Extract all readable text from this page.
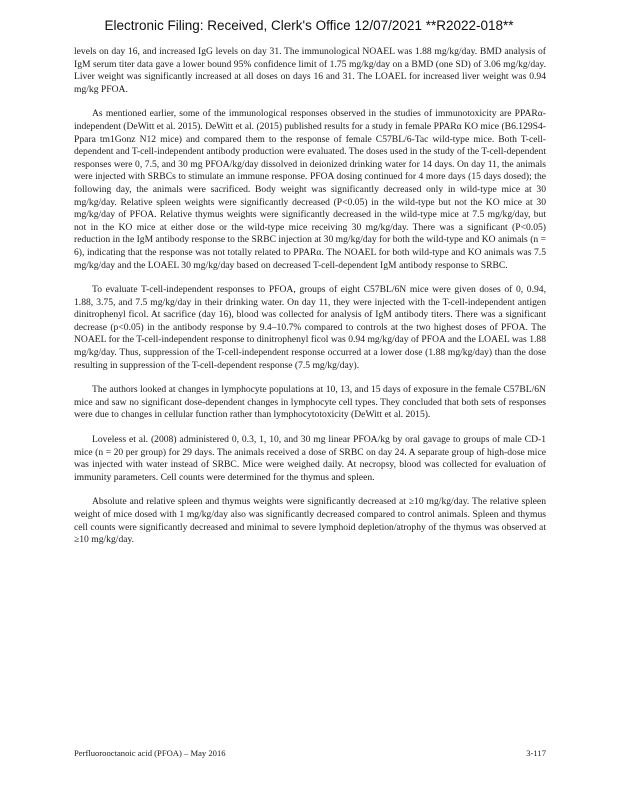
Electronic Filing: Received, Clerk's Office 12/07/2021 **R2022-018**

levels on day 16, and increased IgG levels on day 31. The immunological NOAEL was 1.88 mg/kg/day. BMD analysis of IgM serum titer data gave a lower bound 95% confidence limit of 1.75 mg/kg/day on a BMD (one SD) of 3.06 mg/kg/day. Liver weight was significantly increased at all doses on days 16 and 31. The LOAEL for increased liver weight was 0.94 mg/kg PFOA.

As mentioned earlier, some of the immunological responses observed in the studies of immunotoxicity are PPARα-independent (DeWitt et al. 2015). DeWitt et al. (2015) published results for a study in female PPARα KO mice (B6.129S4-Ppara tm1Gonz N12 mice) and compared them to the response of female C57BL/6-Tac wild-type mice. Both T-cell-dependent and T-cell-independent antibody production were evaluated. The doses used in the study of the T-cell-dependent responses were 0, 7.5, and 30 mg PFOA/kg/day dissolved in deionized drinking water for 14 days. On day 11, the animals were injected with SRBCs to stimulate an immune response. PFOA dosing continued for 4 more days (15 days dosed); the following day, the animals were sacrificed. Body weight was significantly decreased only in wild-type mice at 30 mg/kg/day. Relative spleen weights were significantly decreased (P<0.05) in the wild-type but not the KO mice at 30 mg/kg/day of PFOA. Relative thymus weights were significantly decreased in the wild-type mice at 7.5 mg/kg/day, but not in the KO mice at either dose or the wild-type mice receiving 30 mg/kg/day. There was a significant (P<0.05) reduction in the IgM antibody response to the SRBC injection at 30 mg/kg/day for both the wild-type and KO animals (n = 6), indicating that the response was not totally related to PPARα. The NOAEL for both wild-type and KO animals was 7.5 mg/kg/day and the LOAEL 30 mg/kg/day based on decreased T-cell-dependent IgM antibody response to SRBC.

To evaluate T-cell-independent responses to PFOA, groups of eight C57BL/6N mice were given doses of 0, 0.94, 1.88, 3.75, and 7.5 mg/kg/day in their drinking water. On day 11, they were injected with the T-cell-independent antigen dinitrophenyl ficol. At sacrifice (day 16), blood was collected for analysis of IgM antibody titers. There was a significant decrease (p<0.05) in the antibody response by 9.4–10.7% compared to controls at the two highest doses of PFOA. The NOAEL for the T-cell-independent response to dinitrophenyl ficol was 0.94 mg/kg/day of PFOA and the LOAEL was 1.88 mg/kg/day. Thus, suppression of the T-cell-independent response occurred at a lower dose (1.88 mg/kg/day) than the dose resulting in suppression of the T-cell-dependent response (7.5 mg/kg/day).

The authors looked at changes in lymphocyte populations at 10, 13, and 15 days of exposure in the female C57BL/6N mice and saw no significant dose-dependent changes in lymphocyte cell types. They concluded that both sets of responses were due to changes in cellular function rather than lymphocytotoxicity (DeWitt et al. 2015).

Loveless et al. (2008) administered 0, 0.3, 1, 10, and 30 mg linear PFOA/kg by oral gavage to groups of male CD-1 mice (n = 20 per group) for 29 days. The animals received a dose of SRBC on day 24. A separate group of high-dose mice was injected with water instead of SRBC. Mice were weighed daily. At necropsy, blood was collected for evaluation of immunity parameters. Cell counts were determined for the thymus and spleen.

Absolute and relative spleen and thymus weights were significantly decreased at ≥10 mg/kg/day. The relative spleen weight of mice dosed with 1 mg/kg/day also was significantly decreased compared to control animals. Spleen and thymus cell counts were significantly decreased and minimal to severe lymphoid depletion/atrophy of the thymus was observed at ≥10 mg/kg/day.

Perfluorooctanoic acid (PFOA) – May 2016	3-117
